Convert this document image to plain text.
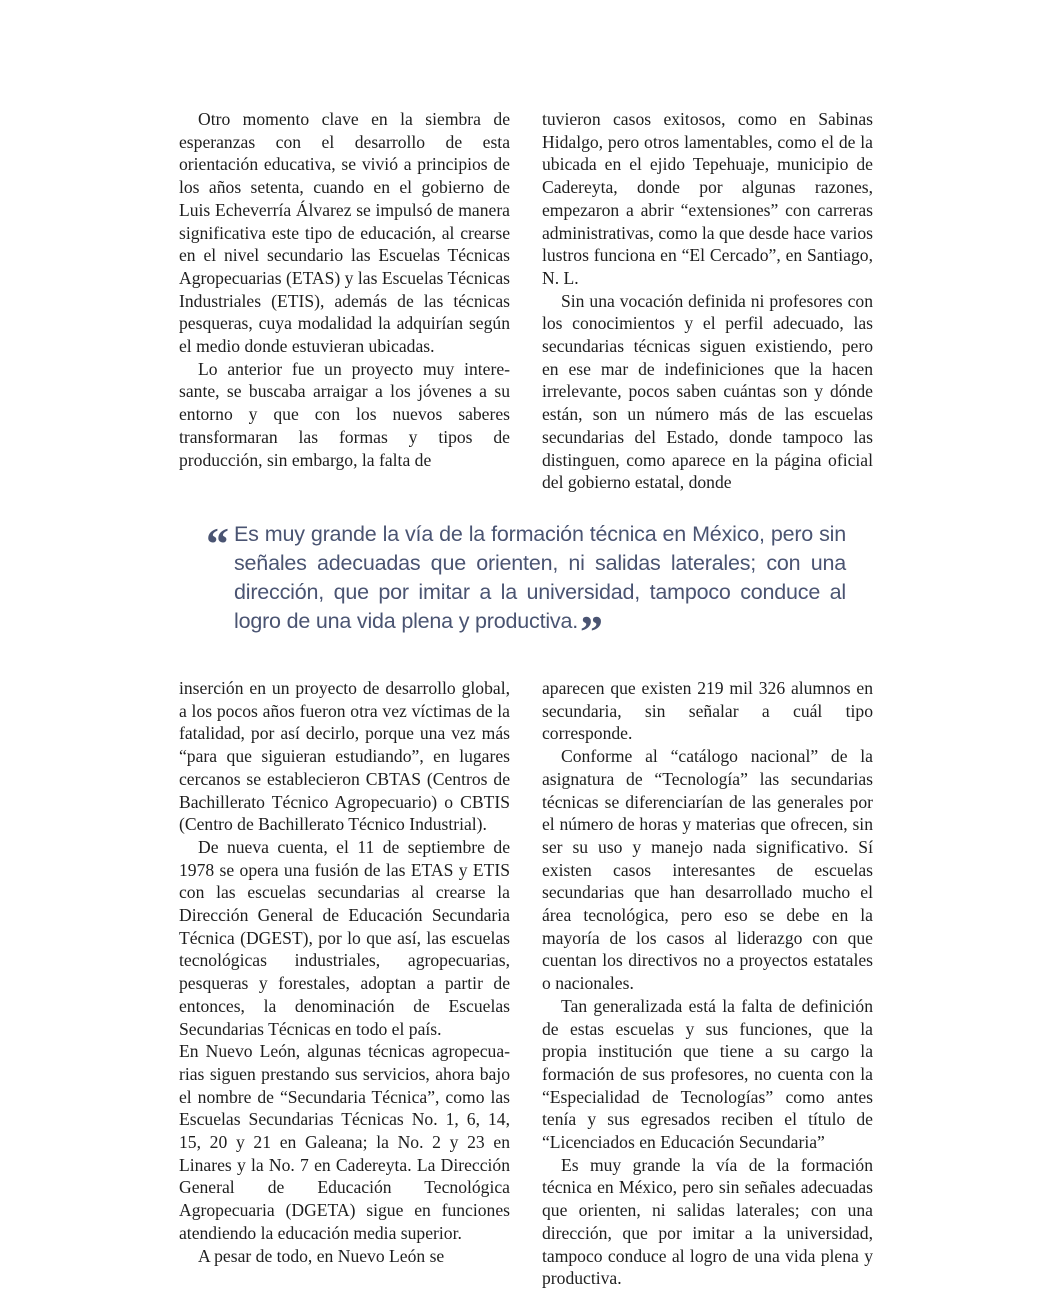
Otro momento clave en la siembra de esperanzas con el desarrollo de esta orientación educativa, se vivió a principios de los años setenta, cuando en el gobierno de Luis Echeverría Álvarez se impulsó de manera significativa este tipo de educación, al crearse en el nivel secundario las Escuelas Técnicas Agropecuarias (ETAS) y las Escuelas Técnicas Industriales (ETIS), además de las técnicas pesqueras, cuya modalidad la adquirían según el medio donde estuvieran ubicadas.

Lo anterior fue un proyecto muy interesante, se buscaba arraigar a los jóvenes a su entorno y que con los nuevos saberes transformaran las formas y tipos de producción, sin embargo, la falta de

tuvieron casos exitosos, como en Sabinas Hidalgo, pero otros lamentables, como el de la ubicada en el ejido Tepehuaje, municipio de Cadereyta, donde por algunas razones, empezaron a abrir “extensiones” con carreras administrativas, como la que desde hace varios lustros funciona en “El Cercado”, en Santiago, N. L.

Sin una vocación definida ni profesores con los conocimientos y el perfil adecuado, las secundarias técnicas siguen existiendo, pero en ese mar de indefiniciones que la hacen irrelevante, pocos saben cuántas son y dónde están, son un número más de las escuelas secundarias del Estado, donde tampoco las distinguen, como aparece en la página oficial del gobierno estatal, donde

“ Es muy grande la vía de la formación técnica en México, pero sin señales adecuadas que orienten, ni salidas laterales; con una dirección, que por imitar a la universidad, tampoco conduce al logro de una vida plena y productiva.”

inserción en un proyecto de desarrollo global, a los pocos años fueron otra vez víctimas de la fatalidad, por así decirlo, porque una vez más “para que siguieran estudiando”, en lugares cercanos se establecieron CBTAS (Centros de Bachillerato Técnico Agropecuario) o CBTIS (Centro de Bachillerato Técnico Industrial).

De nueva cuenta, el 11 de septiembre de 1978 se opera una fusión de las ETAS y ETIS con las escuelas secundarias al crearse la Dirección General de Educación Secundaria Técnica (DGEST), por lo que así, las escuelas tecnológicas industriales, agropecuarias, pesqueras y forestales, adoptan a partir de entonces, la denominación de Escuelas Secundarias Técnicas en todo el país.

En Nuevo León, algunas técnicas agropecuarias siguen prestando sus servicios, ahora bajo el nombre de “Secundaria Técnica”, como las Escuelas Secundarias Técnicas No. 1, 6, 14, 15, 20 y 21 en Galeana; la No. 2 y 23 en Linares y la No. 7 en Cadereyta. La Dirección General de Educación Tecnológica Agropecuaria (DGETA) sigue en funciones atendiendo la educación media superior.

A pesar de todo, en Nuevo León se

aparecen que existen 219 mil 326 alumnos en secundaria, sin señalar a cuál tipo corresponde.

Conforme al “catálogo nacional” de la asignatura de “Tecnología” las secundarias técnicas se diferenciarían de las generales por el número de horas y materias que ofrecen, sin ser su uso y manejo nada significativo. Sí existen casos interesantes de escuelas secundarias que han desarrollado mucho el área tecnológica, pero eso se debe en la mayoría de los casos al liderazgo con que cuentan los directivos no a proyectos estatales o nacionales.

Tan generalizada está la falta de definición de estas escuelas y sus funciones, que la propia institución que tiene a su cargo la formación de sus profesores, no cuenta con la “Especialidad de Tecnologías” como antes tenía y sus egresados reciben el título de “Licenciados en Educación Secundaria”

Es muy grande la vía de la formación técnica en México, pero sin señales adecuadas que orienten, ni salidas laterales; con una dirección, que por imitar a la universidad, tampoco conduce al logro de una vida plena y productiva.
